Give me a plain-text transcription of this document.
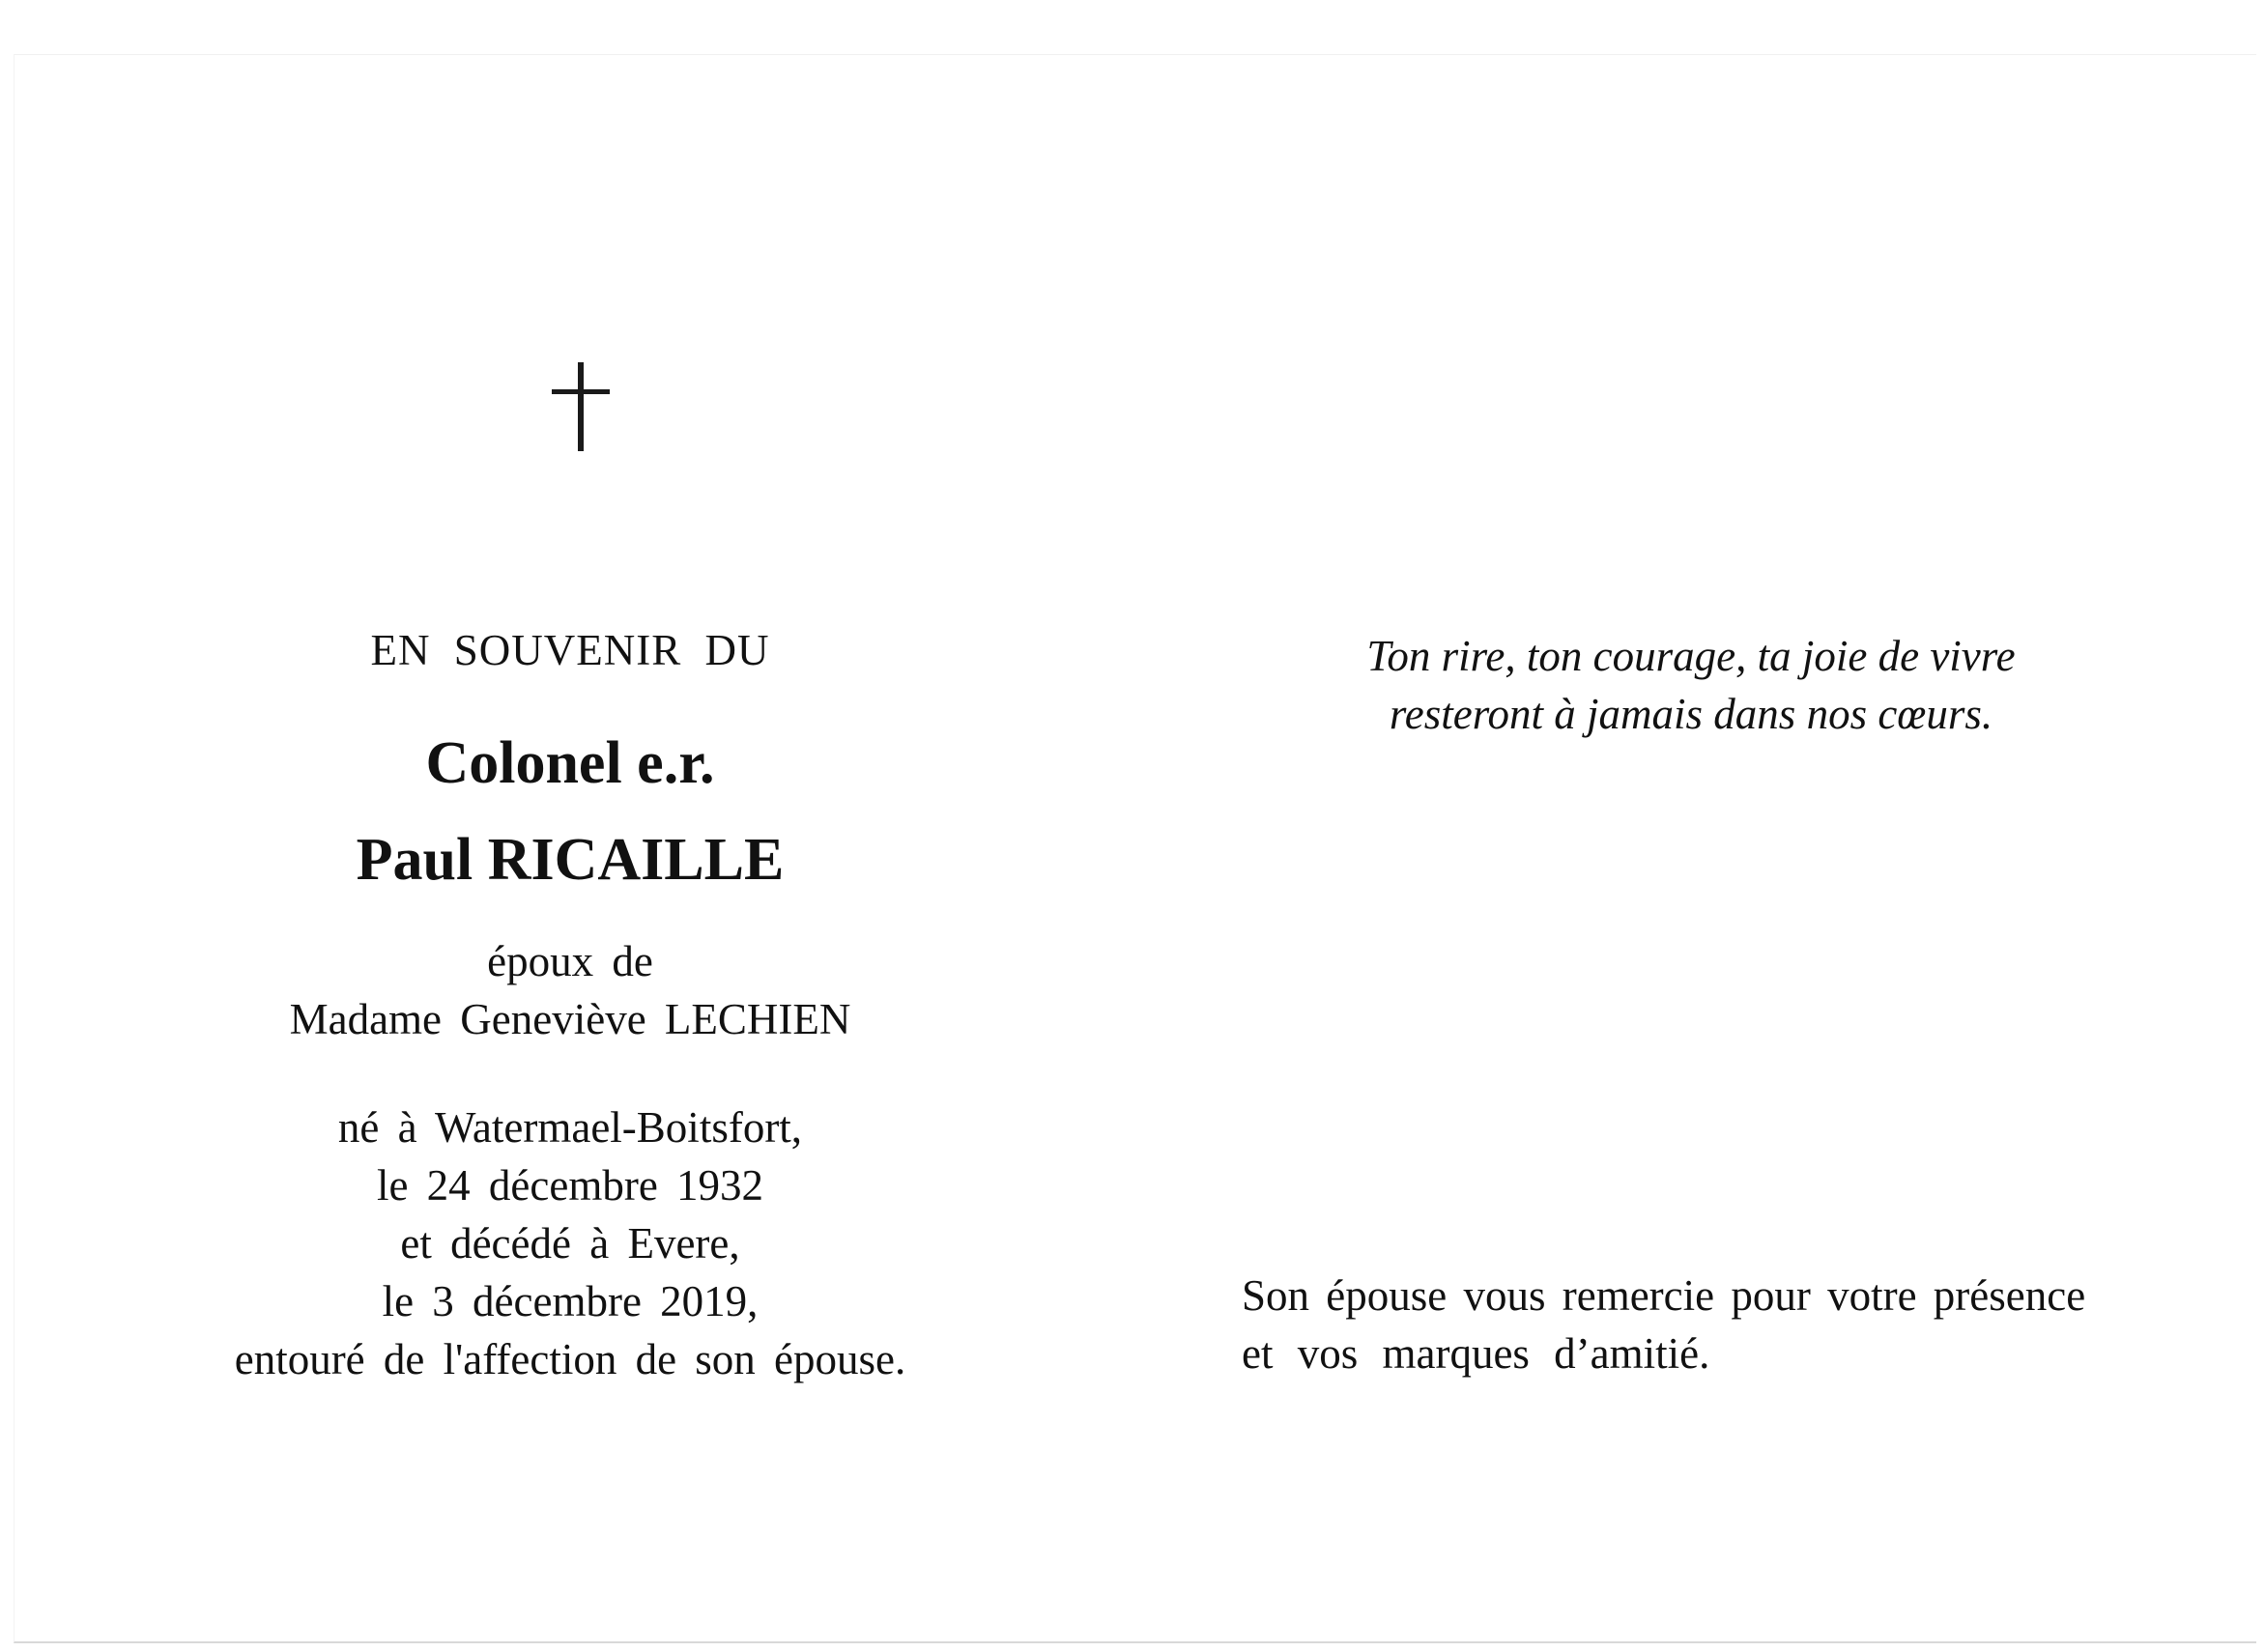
EN SOUVENIR DU
Colonel e.r.
Paul RICAILLE
époux de
Madame Geneviève LECHIEN
né à Watermael-Boitsfort,
le 24 décembre 1932
et décédé à Evere,
le 3 décembre 2019,
entouré de l'affection de son épouse.
Ton rire, ton courage, ta joie de vivre
resteront à jamais dans nos cœurs.
Son épouse vous remercie pour votre présence
et vos marques d’amitié.
